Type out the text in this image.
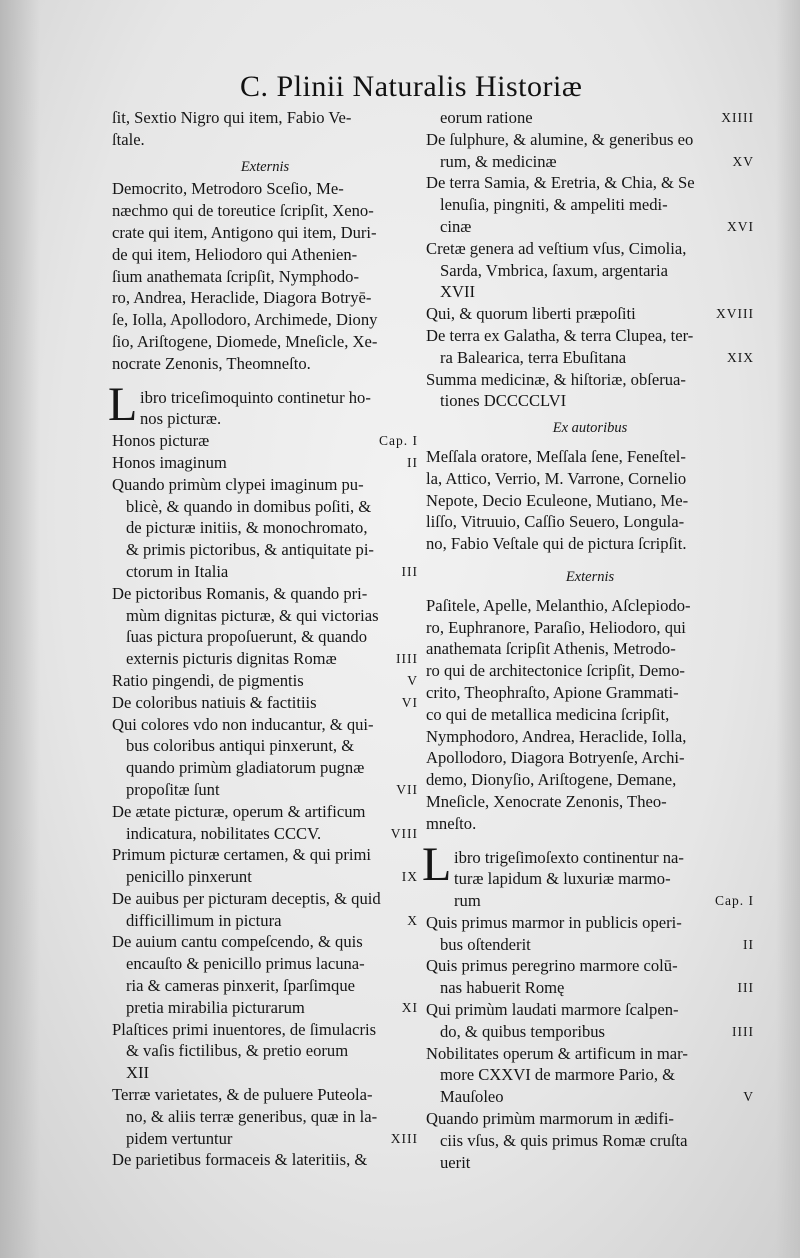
C. Plinii Naturalis Historiæ
ſit, Sextio Nigro qui item, Fabio Ve-
ſtale.
Externis
Democrito, Metrodoro Sceſio, Me-
næchmo qui de toreutice ſcripſit, Xeno-
crate qui item, Antigono qui item, Duri-
de qui item, Heliodoro qui Athenien-
ſium anathemata ſcripſit, Nymphodo-
ro, Andrea, Heraclide, Diagora Botryē-
ſe, Iolla, Apollodoro, Archimede, Diony
ſio, Ariſtogene, Diomede, Mneſicle, Xe-
nocrate Zenonis, Theomneſto.
L ibro triceſimoquinto continetur ho-
nos picturæ.
Honos picturæ	Cap. I
Honos imaginum	II
Quando primùm clypei imaginum pu-
blicè, & quando in domibus poſiti, &
de picturæ initiis, & monochromato,
& primis pictoribus, & antiquitate pi-
ctorum in Italia	III
De pictoribus Romanis, & quando pri-
mùm dignitas picturæ, & qui victorias
ſuas pictura propoſuerunt, & quando
externis picturis dignitas Romæ	IIII
Ratio pingendi, de pigmentis	V
De coloribus natiuis & factitiis	VI
Qui colores vdo non inducantur, & qui-
bus coloribus antiqui pinxerunt, &
quando primùm gladiatorum pugnæ
propoſitæ ſunt	VII
De ætate picturæ, operum & artificum
indicatura, nobilitates CCCV.	VIII
Primum picturæ certamen, & qui primi
penicillo pinxerunt	IX
De auibus per picturam deceptis, & quid
difficillimum in pictura	X
De auium cantu compeſcendo, & quis
encauſto & penicillo primus lacuna-
ria & cameras pinxerit, ſparſimque
pretia mirabilia picturarum	XI
Plaſtices primi inuentores, de ſimulacris
& vaſis fictilibus, & pretio eorum
XII
Terræ varietates, & de puluere Puteola-
no, & aliis terræ generibus, quæ in la-
pidem vertuntur	XIII
De parietibus formaceis & lateritiis, &
eorum ratione	XIIII
De ſulphure, & alumine, & generibus eo
rum, & medicinæ	XV
De terra Samia, & Eretria, & Chia, & Se
lenuſia, pingniti, & ampeliti medi-
cinæ	XVI
Cretæ genera ad veſtium vſus, Cimolia,
Sarda, Vmbrica, ſaxum, argentaria
XVII
Qui, & quorum liberti præpoſiti	XVIII
De terra ex Galatha, & terra Clupea, ter-
ra Balearica, terra Ebuſitana	XIX
Summa medicinæ, & hiſtoriæ, obſerua-
tiones DCCCCLVI
Ex autoribus
Meſſala oratore, Meſſala ſene, Feneſtel-
la, Attico, Verrio, M. Varrone, Cornelio
Nepote, Decio Eculeone, Mutiano, Me-
liſſo, Vitruuio, Caſſio Seuero, Longula-
no, Fabio Veſtale qui de pictura ſcripſit.
Externis
Paſitele, Apelle, Melanthio, Aſclepiodo-
ro, Euphranore, Paraſio, Heliodoro, qui
anathemata ſcripſit Athenis, Metrodo-
ro qui de architectonice ſcripſit, Demo-
crito, Theophraſto, Apione Grammati-
co qui de metallica medicina ſcripſit,
Nymphodoro, Andrea, Heraclide, Iolla,
Apollodoro, Diagora Botryenſe, Archi-
demo, Dionyſio, Ariſtogene, Demane,
Mneſicle, Xenocrate Zenonis, Theo-
mneſto.
L ibro trigeſimoſexto continentur na-
turæ lapidum & luxuriæ marmo-
rum	Cap. I
Quis primus marmor in publicis operi-
bus oſtenderit	II
Quis primus peregrino marmore colū-
nas habuerit Romę	III
Qui primùm laudati marmore ſcalpen-
do, & quibus temporibus	IIII
Nobilitates operum & artificum in mar-
more CXXVI de marmore Pario, &
Mauſoleo	V
Quando primùm marmorum in ædifi-
ciis vſus, & quis primus Romæ cruſta
uerit
